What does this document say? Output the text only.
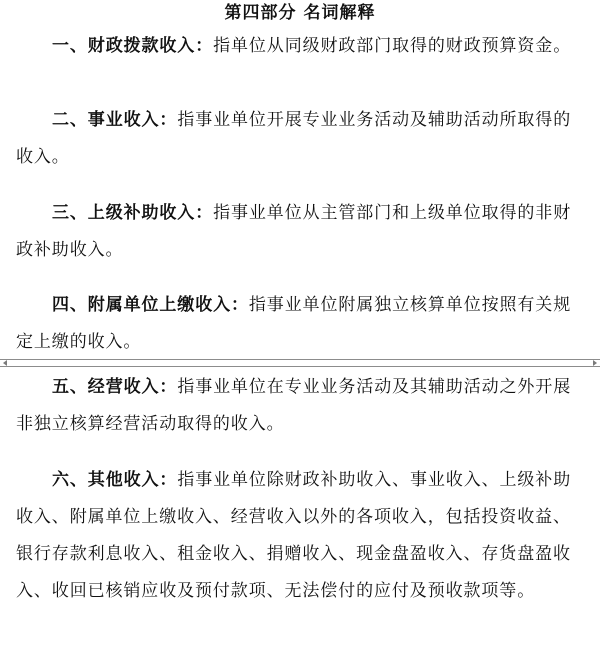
第四部分 名词解释

一、财政拨款收入：指单位从同级财政部门取得的财政预算资金。

二、事业收入：指事业单位开展专业业务活动及辅助活动所取得的收入。

三、上级补助收入：指事业单位从主管部门和上级单位取得的非财政补助收入。

四、附属单位上缴收入：指事业单位附属独立核算单位按照有关规定上缴的收入。

五、经营收入：指事业单位在专业业务活动及其辅助活动之外开展非独立核算经营活动取得的收入。

六、其他收入：指事业单位除财政补助收入、事业收入、上级补助收入、附属单位上缴收入、经营收入以外的各项收入，包括投资收益、银行存款利息收入、租金收入、捐赠收入、现金盘盈收入、存货盘盈收入、收回已核销应收及预付款项、无法偿付的应付及预收款项等。
